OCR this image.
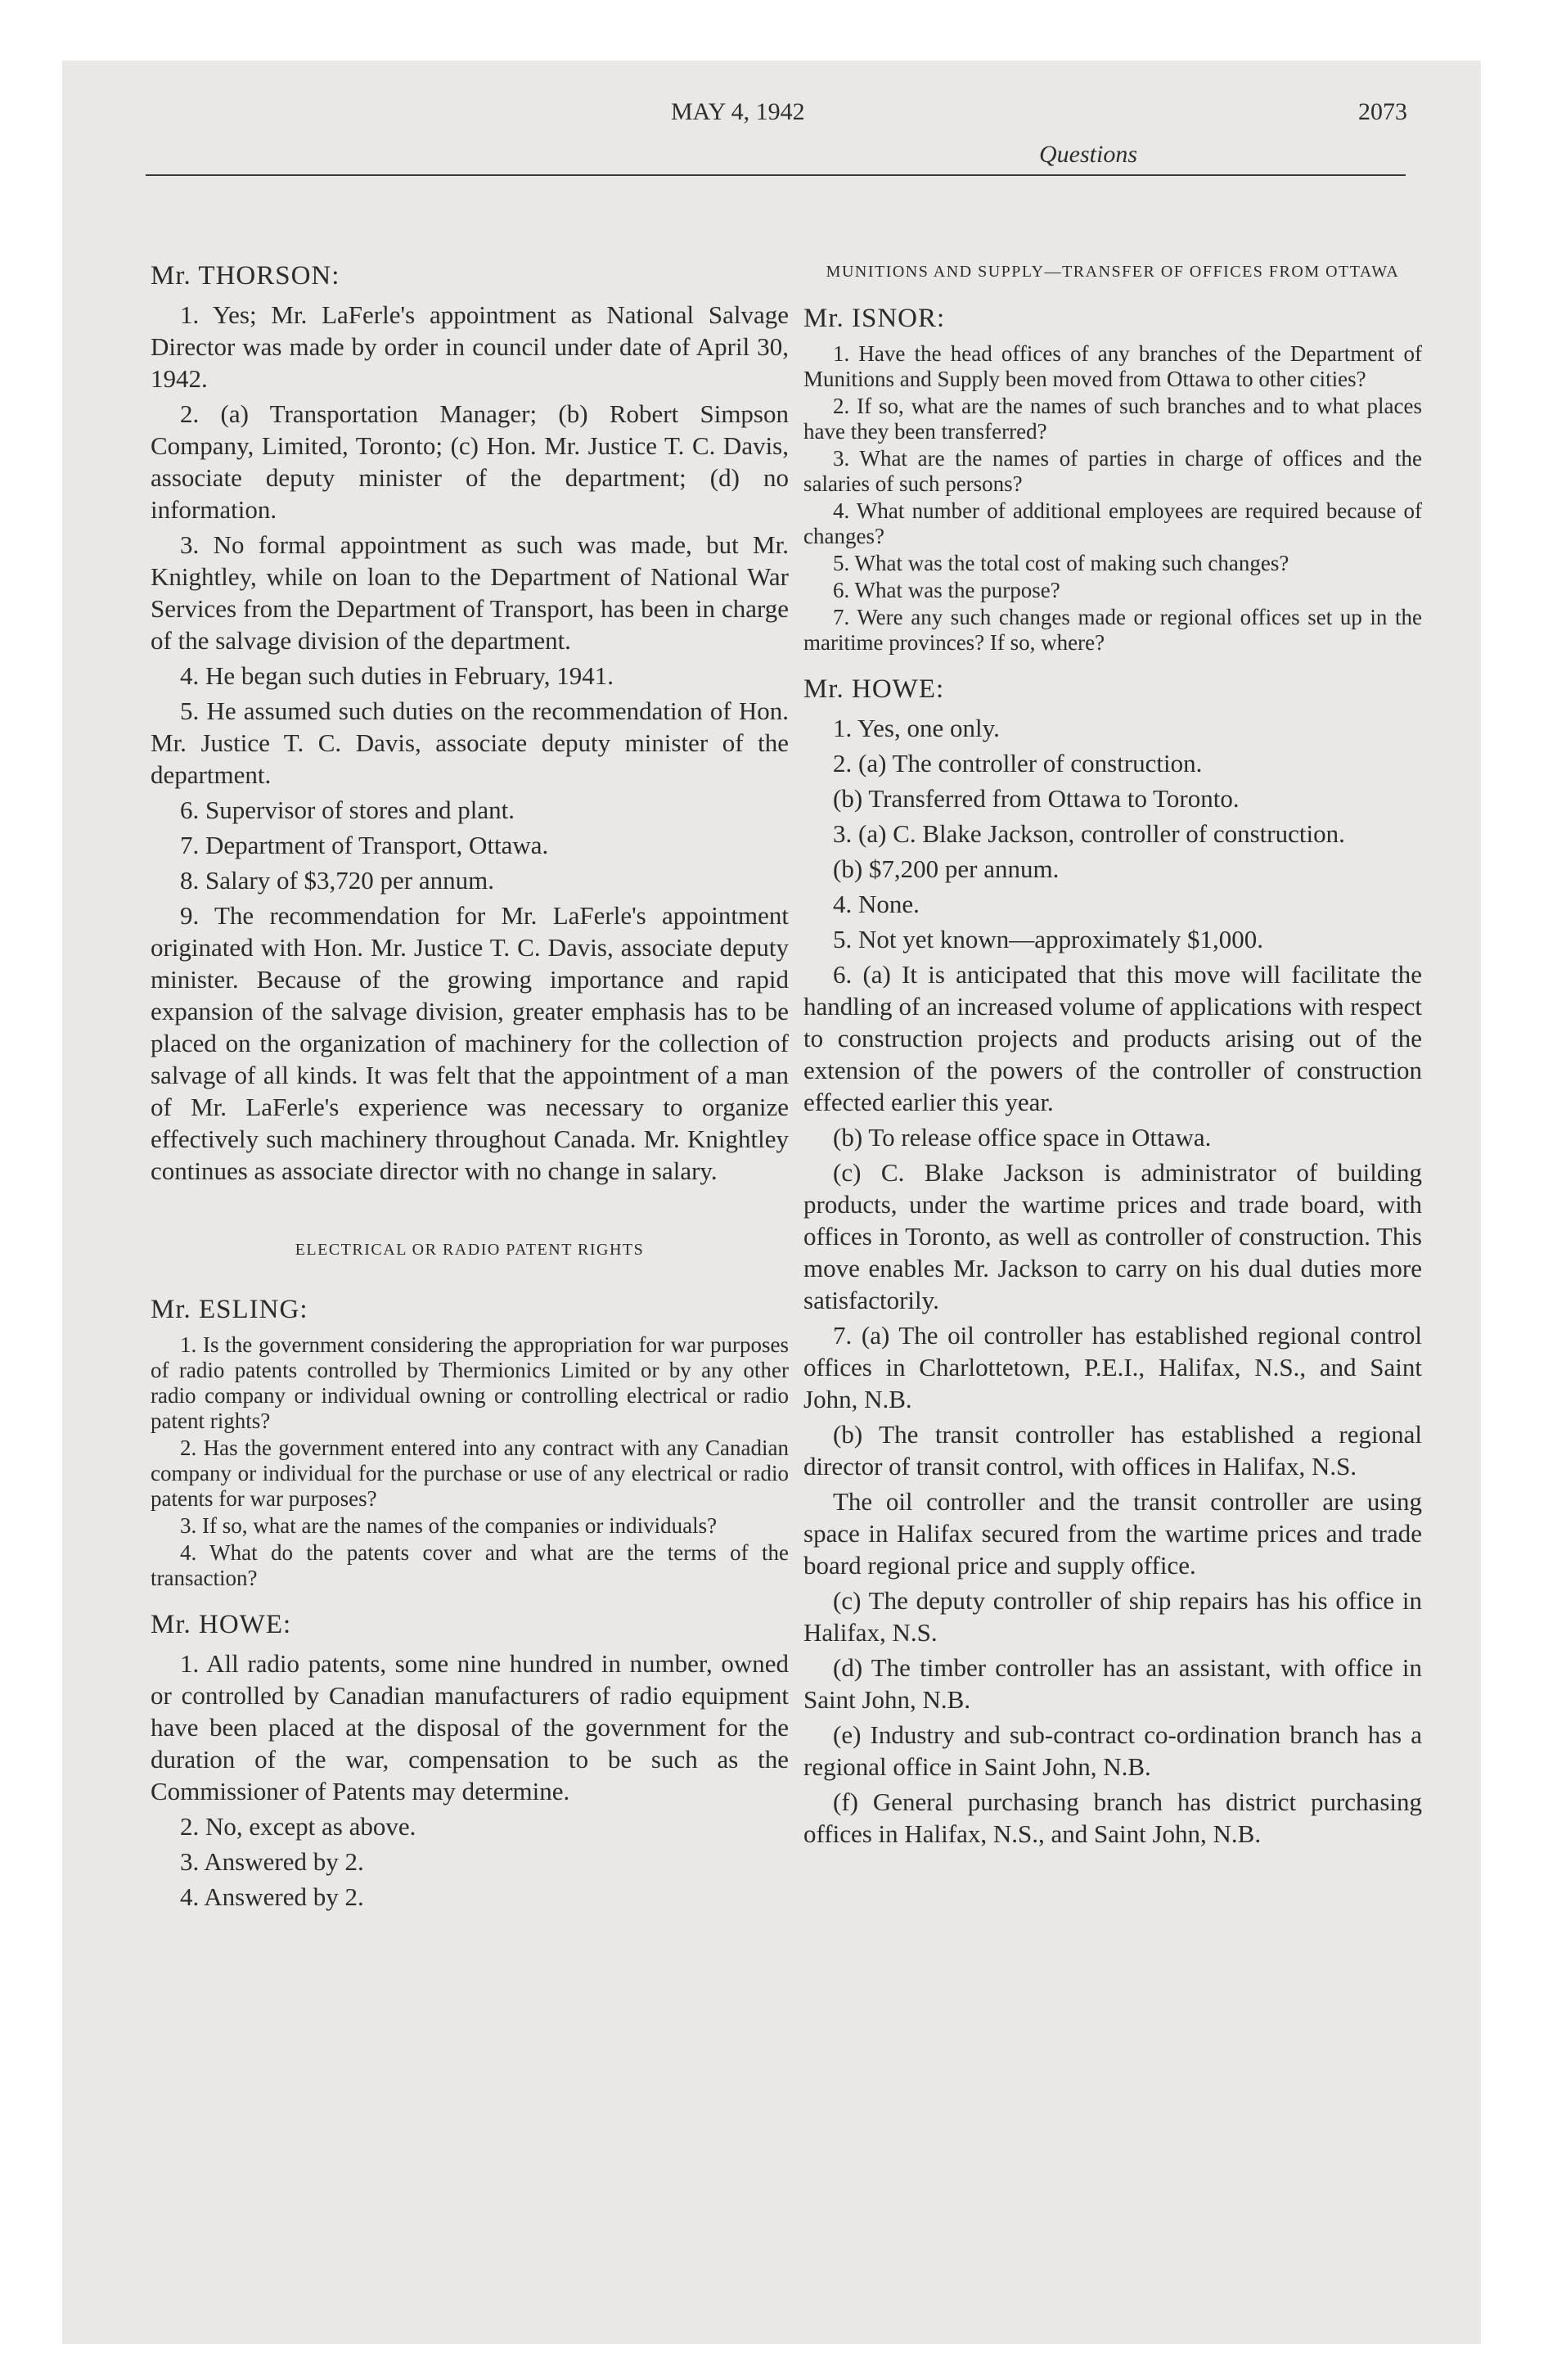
MAY 4, 1942	2073
Questions
Mr. THORSON:

1. Yes; Mr. LaFerle's appointment as National Salvage Director was made by order in council under date of April 30, 1942.

2. (a) Transportation Manager; (b) Robert Simpson Company, Limited, Toronto; (c) Hon. Mr. Justice T. C. Davis, associate deputy minister of the department; (d) no information.

3. No formal appointment as such was made, but Mr. Knightley, while on loan to the Department of National War Services from the Department of Transport, has been in charge of the salvage division of the department.

4. He began such duties in February, 1941.

5. He assumed such duties on the recommendation of Hon. Mr. Justice T. C. Davis, associate deputy minister of the department.

6. Supervisor of stores and plant.

7. Department of Transport, Ottawa.

8. Salary of $3,720 per annum.

9. The recommendation for Mr. LaFerle's appointment originated with Hon. Mr. Justice T. C. Davis, associate deputy minister. Because of the growing importance and rapid expansion of the salvage division, greater emphasis has to be placed on the organization of machinery for the collection of salvage of all kinds. It was felt that the appointment of a man of Mr. LaFerle's experience was necessary to organize effectively such machinery throughout Canada. Mr. Knightley continues as associate director with no change in salary.

ELECTRICAL OR RADIO PATENT RIGHTS
Mr. ESLING:

1. Is the government considering the appropriation for war purposes of radio patents controlled by Thermionics Limited or by any other radio company or individual owning or controlling electrical or radio patent rights?

2. Has the government entered into any contract with any Canadian company or individual for the purchase or use of any electrical or radio patents for war purposes?

3. If so, what are the names of the companies or individuals?

4. What do the patents cover and what are the terms of the transaction?

Mr. HOWE:

1. All radio patents, some nine hundred in number, owned or controlled by Canadian manufacturers of radio equipment have been placed at the disposal of the government for the duration of the war, compensation to be such as the Commissioner of Patents may determine.

2. No, except as above.

3. Answered by 2.

4. Answered by 2.

MUNITIONS AND SUPPLY—TRANSFER OF OFFICES FROM OTTAWA
Mr. ISNOR:

1. Have the head offices of any branches of the Department of Munitions and Supply been moved from Ottawa to other cities?

2. If so, what are the names of such branches and to what places have they been transferred?

3. What are the names of parties in charge of offices and the salaries of such persons?

4. What number of additional employees are required because of changes?

5. What was the total cost of making such changes?

6. What was the purpose?

7. Were any such changes made or regional offices set up in the maritime provinces? If so, where?

Mr. HOWE:

1. Yes, one only.

2. (a) The controller of construction.

(b) Transferred from Ottawa to Toronto.

3. (a) C. Blake Jackson, controller of construction.

(b) $7,200 per annum.

4. None.

5. Not yet known—approximately $1,000.

6. (a) It is anticipated that this move will facilitate the handling of an increased volume of applications with respect to construction projects and products arising out of the extension of the powers of the controller of construction effected earlier this year.

(b) To release office space in Ottawa.

(c) C. Blake Jackson is administrator of building products, under the wartime prices and trade board, with offices in Toronto, as well as controller of construction. This move enables Mr. Jackson to carry on his dual duties more satisfactorily.

7. (a) The oil controller has established regional control offices in Charlottetown, P.E.I., Halifax, N.S., and Saint John, N.B.

(b) The transit controller has established a regional director of transit control, with offices in Halifax, N.S.

The oil controller and the transit controller are using space in Halifax secured from the wartime prices and trade board regional price and supply office.

(c) The deputy controller of ship repairs has his office in Halifax, N.S.

(d) The timber controller has an assistant, with office in Saint John, N.B.

(e) Industry and sub-contract co-ordination branch has a regional office in Saint John, N.B.

(f) General purchasing branch has district purchasing offices in Halifax, N.S., and Saint John, N.B.
